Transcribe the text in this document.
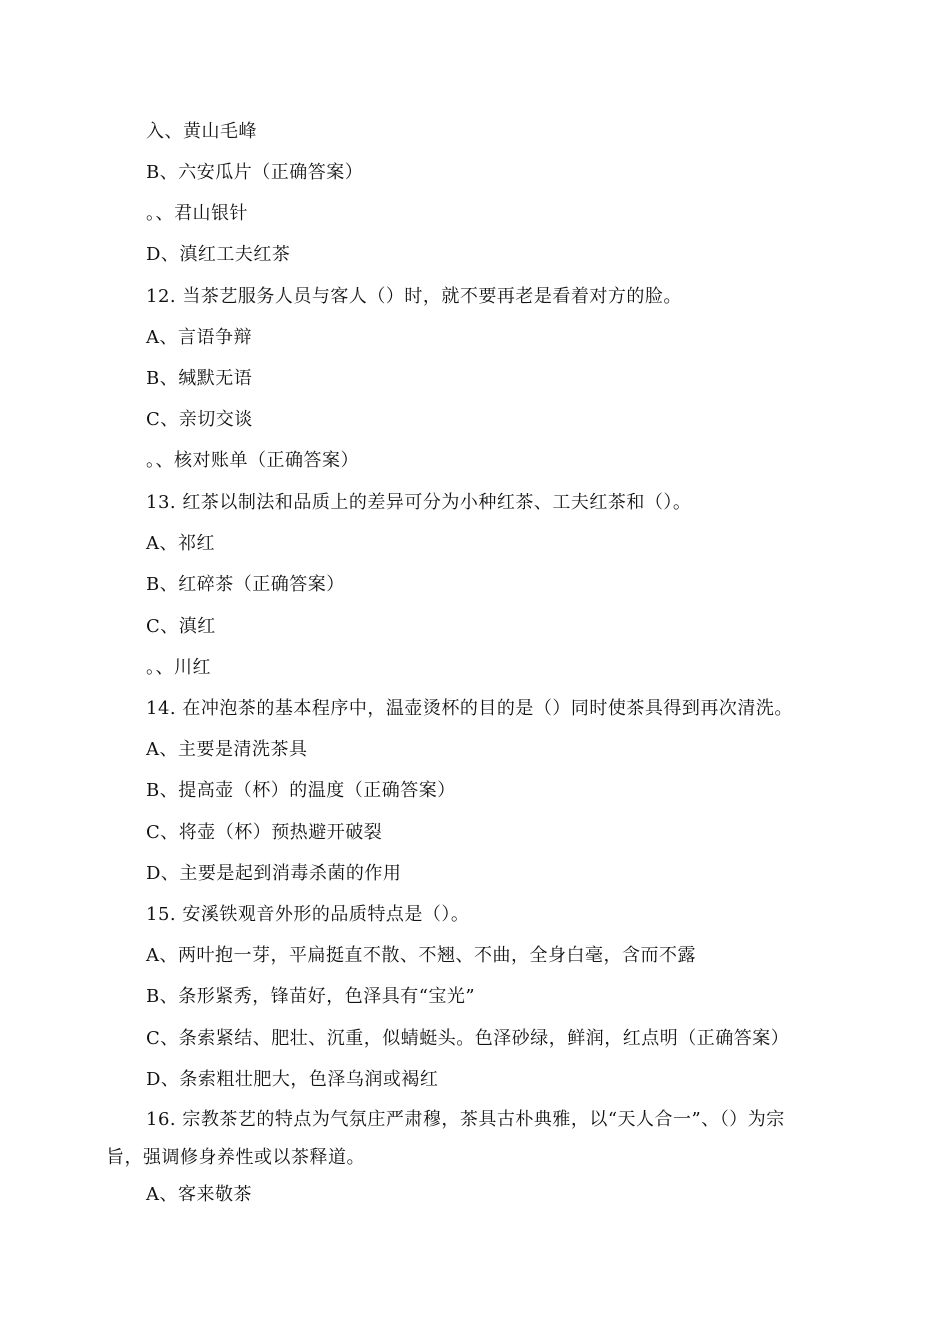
入、黄山毛峰
B、六安瓜片（正确答案）
。、君山银针
D、滇红工夫红茶
12. 当茶艺服务人员与客人（）时，就不要再老是看着对方的脸。
A、言语争辩
B、缄默无语
C、亲切交谈
。、核对账单（正确答案）
13. 红茶以制法和品质上的差异可分为小种红茶、工夫红茶和（）。
A、祁红
B、红碎茶（正确答案）
C、滇红
。、川红
14. 在冲泡茶的基本程序中，温壶烫杯的目的是（）同时使茶具得到再次清洗。
A、主要是清洗茶具
B、提高壶（杯）的温度（正确答案）
C、将壶（杯）预热避开破裂
D、主要是起到消毒杀菌的作用
15. 安溪铁观音外形的品质特点是（）。
A、两叶抱一芽，平扁挺直不散、不翘、不曲，全身白毫，含而不露
B、条形紧秀，锋苗好，色泽具有“宝光”
C、条索紧结、肥壮、沉重，似蜻蜓头。色泽砂绿，鲜润，红点明（正确答案）
D、条索粗壮肥大，色泽乌润或褐红
16. 宗教茶艺的特点为气氛庄严肃穆，茶具古朴典雅，以“天人合一”、（）为宗
旨，强调修身养性或以茶释道。
A、客来敬茶
